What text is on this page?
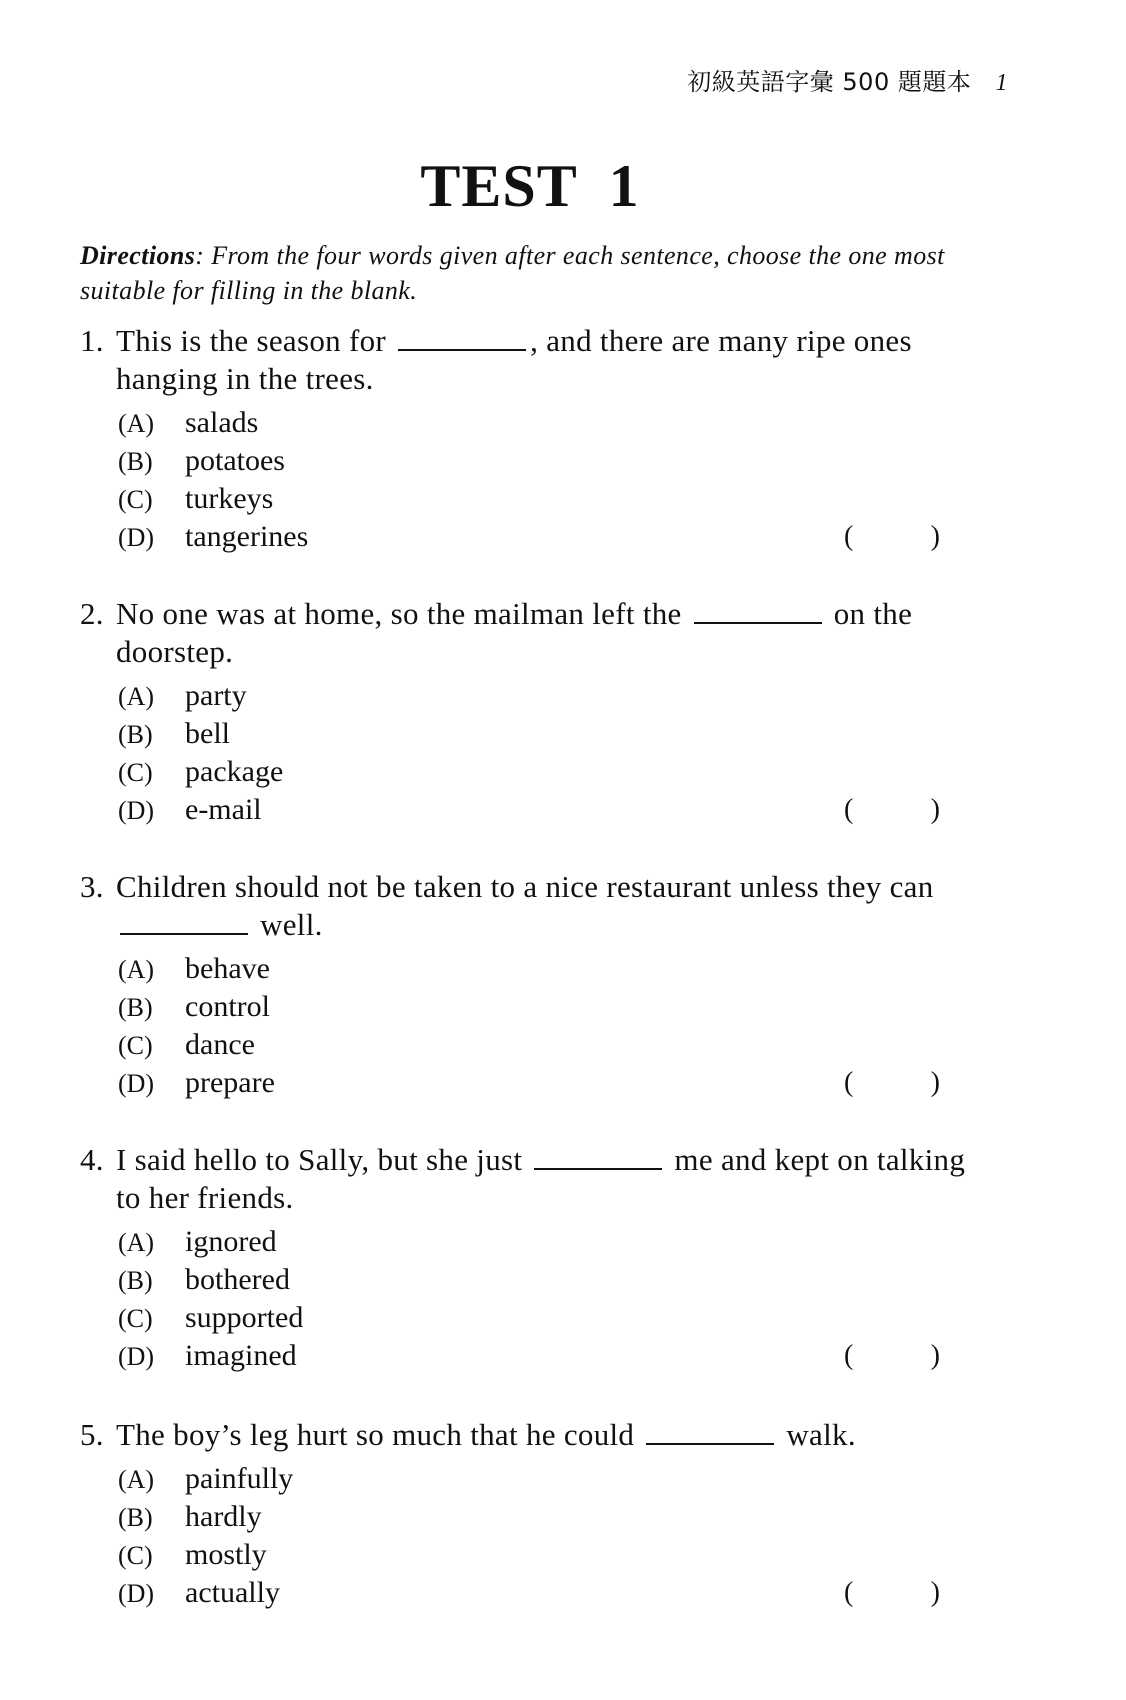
初級英語字彙 500 題題本 1
TEST  1
Directions: From the four words given after each sentence, choose the one most suitable for filling in the blank.
1. This is the season for	, and there are many ripe ones hanging in the trees.
(A)	salads
(B)	potatoes
(C)	turkeys
(D)	tangerines	(	)
2. No one was at home, so the mailman left the	on the doorstep.
(A)	party
(B)	bell
(C)	package
(D)	e-mail	(	)
3. Children should not be taken to a nice restaurant unless they can  well.
(A)	behave
(B)	control
(C)	dance
(D)	prepare	(	)
4. I said hello to Sally, but she just	me and kept on talking to her friends.
(A)	ignored
(B)	bothered
(C)	supported
(D)	imagined	(	)
5. The boy’s leg hurt so much that he could	walk.
(A)	painfully
(B)	hardly
(C)	mostly
(D)	actually	(	)
